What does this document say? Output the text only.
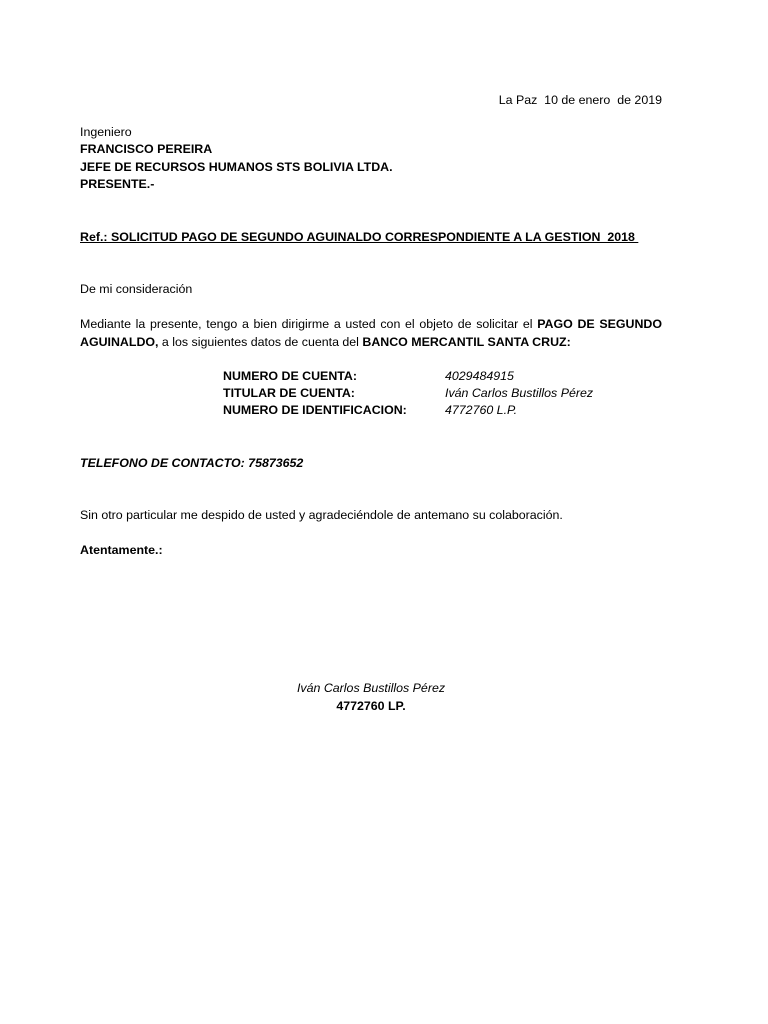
La Paz  10 de enero  de 2019
Ingeniero
FRANCISCO PEREIRA
JEFE DE RECURSOS HUMANOS STS BOLIVIA LTDA.
PRESENTE.-
Ref.: SOLICITUD PAGO DE SEGUNDO AGUINALDO CORRESPONDIENTE A LA GESTION  2018
De mi consideración
Mediante la presente, tengo a bien dirigirme a usted con el objeto de solicitar el PAGO DE SEGUNDO AGUINALDO, a los siguientes datos de cuenta del BANCO MERCANTIL SANTA CRUZ:
NUMERO DE CUENTA:	4029484915
TITULAR DE CUENTA:	Iván Carlos Bustillos Pérez
NUMERO DE IDENTIFICACION:	4772760 L.P.
TELEFONO DE CONTACTO: 75873652
Sin otro particular me despido de usted y agradeciéndole de antemano su colaboración.
Atentamente.:
Iván Carlos Bustillos Pérez
4772760 LP.
